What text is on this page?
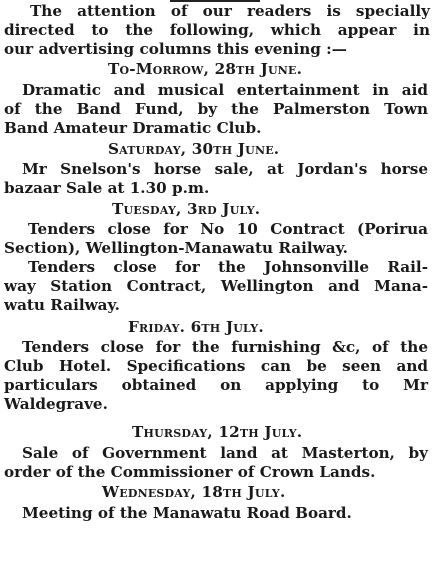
The attention of our readers is specially
directed to the following, which appear in
our advertising columns this evening :—
To-Morrow, 28th June.
Dramatic and musical entertainment in aid
of the Band Fund, by the Palmerston Town
Band Amateur Dramatic Club.
Saturday, 30th June.
Mr Snelson's horse sale, at Jordan's horse
bazaar Sale at 1.30 p.m.
Tuesday, 3rd July.
Tenders close for No 10 Contract (Porirua
Section), Wellington-Manawatu Railway.
Tenders close for the Johnsonville Rail-
way Station Contract, Wellington and Mana-
watu Railway.
Friday. 6th July.
Tenders close for the furnishing &c, of the
Club Hotel. Specifications can be seen and
particulars obtained on applying to Mr
Waldegrave.
Thursday, 12th July.
Sale of Government land at Masterton, by
order of the Commissioner of Crown Lands.
Wednesday, 18th July.
Meeting of the Manawatu Road Board.
